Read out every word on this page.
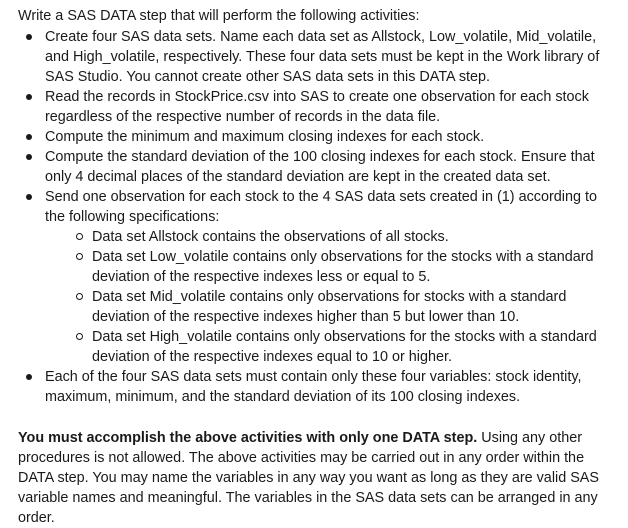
Write a SAS DATA step that will perform the following activities:

Create four SAS data sets. Name each data set as Allstock, Low_volatile, Mid_volatile, and High_volatile, respectively. These four data sets must be kept in the Work library of SAS Studio. You cannot create other SAS data sets in this DATA step.
Read the records in StockPrice.csv into SAS to create one observation for each stock regardless of the respective number of records in the data file.
Compute the minimum and maximum closing indexes for each stock.
Compute the standard deviation of the 100 closing indexes for each stock. Ensure that only 4 decimal places of the standard deviation are kept in the created data set.
Send one observation for each stock to the 4 SAS data sets created in (1) according to the following specifications:
Data set Allstock contains the observations of all stocks.
Data set Low_volatile contains only observations for the stocks with a standard deviation of the respective indexes less or equal to 5.
Data set Mid_volatile contains only observations for stocks with a standard deviation of the respective indexes higher than 5 but lower than 10.
Data set High_volatile contains only observations for the stocks with a standard deviation of the respective indexes equal to 10 or higher.
Each of the four SAS data sets must contain only these four variables: stock identity, maximum, minimum, and the standard deviation of its 100 closing indexes.

You must accomplish the above activities with only one DATA step. Using any other procedures is not allowed. The above activities may be carried out in any order within the DATA step. You may name the variables in any way you want as long as they are valid SAS variable names and meaningful. The variables in the SAS data sets can be arranged in any order.
